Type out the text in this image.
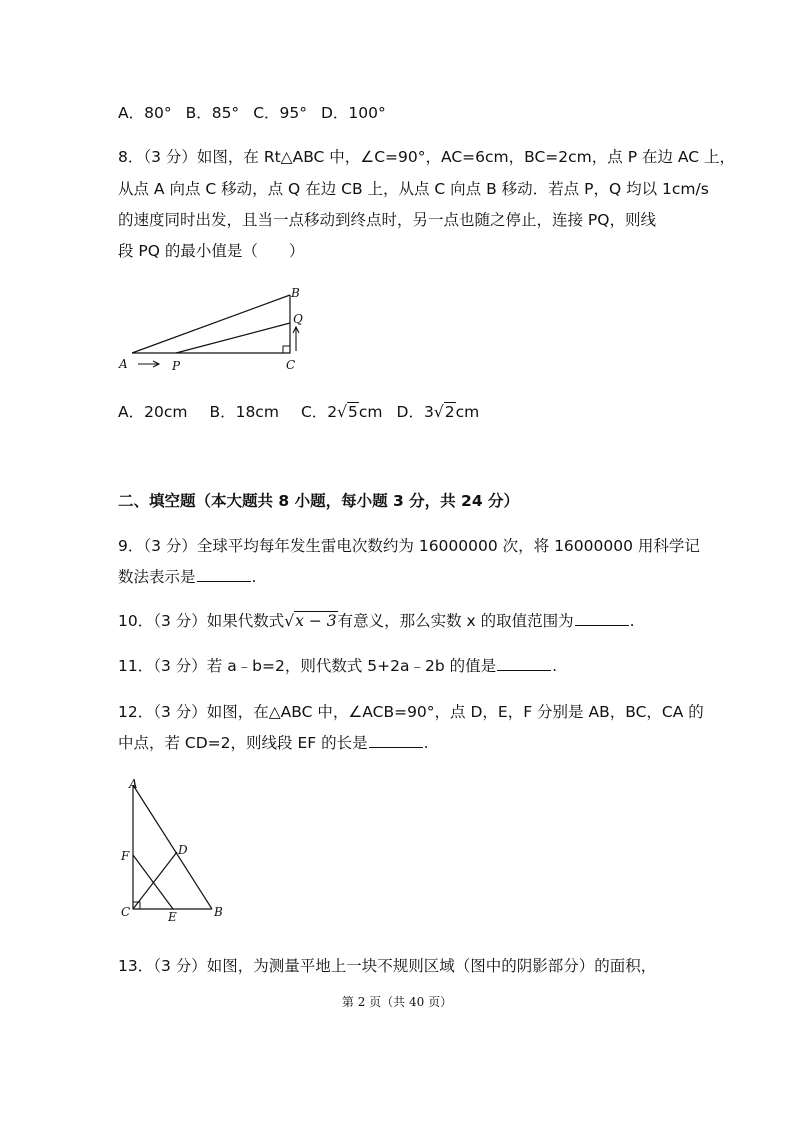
A．80° B．85° C．95° D．100°
8．（3 分）如图，在 Rt△ABC 中，∠C=90°，AC=6cm，BC=2cm，点 P 在边 AC 上，
从点 A 向点 C 移动，点 Q 在边 CB 上，从点 C 向点 B 移动．若点 P，Q 均以 1cm/s
的速度同时出发，且当一点移动到终点时，另一点也随之停止，连接 PQ，则线
段 PQ 的最小值是（　　）
A
B
C
P
Q
A．20cm B．18cm C．2√5cm D．3√2cm
二、填空题（本大题共 8 小题，每小题 3 分，共 24 分）
9．（3 分）全球平均每年发生雷电次数约为 16000000 次，将 16000000 用科学记
数法表示是	.
10．（3 分）如果代数式√x − 3有意义，那么实数 x 的取值范围为	.
11．（3 分）若 a﹣b=2，则代数式 5+2a﹣2b 的值是	.
12．（3 分）如图，在△ABC 中，∠ACB=90°，点 D，E，F 分别是 AB，BC，CA 的
中点，若 CD=2，则线段 EF 的长是	.
A
B
C
D
E
F
13．（3 分）如图，为测量平地上一块不规则区域（图中的阴影部分）的面积，
第 2 页（共 40 页）
